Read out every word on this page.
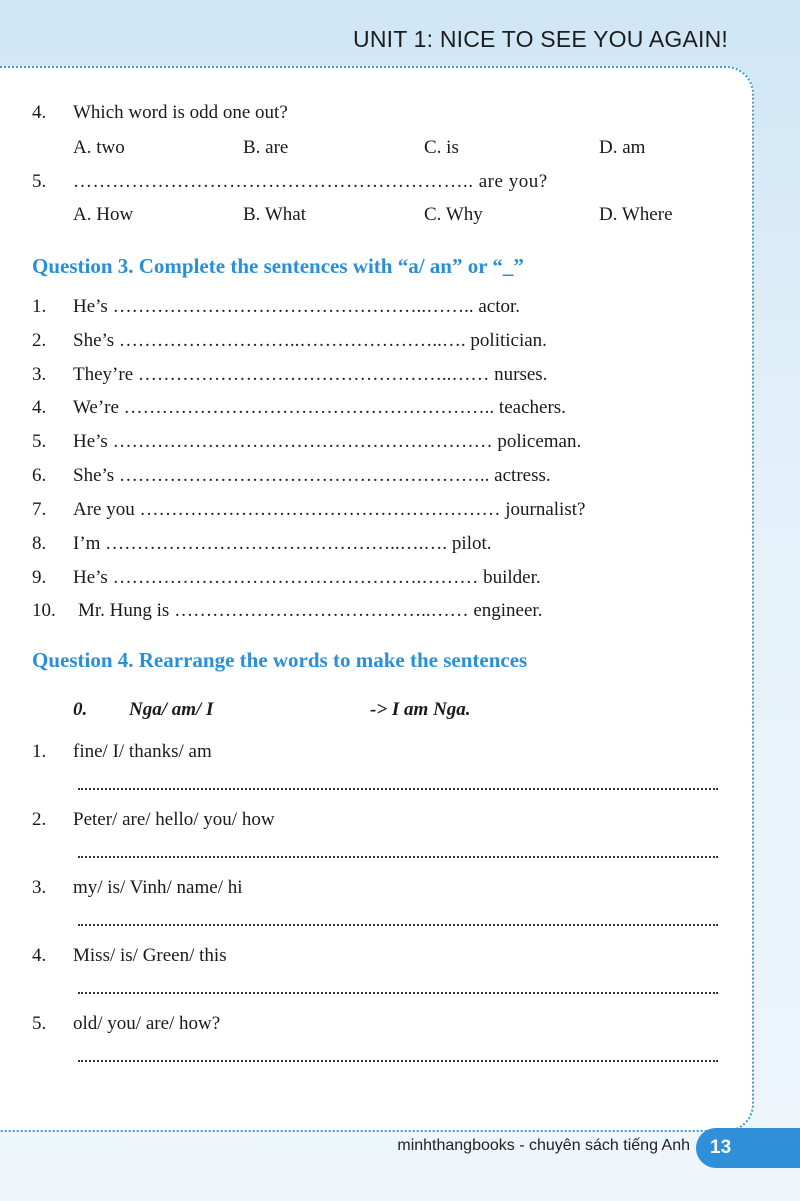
UNIT 1: NICE TO SEE YOU AGAIN!
4. Which word is odd one out?
A. two	B. are	C. is	D. am
5. …………………………………………………….. are you?
A. How	B. What	C. Why	D. Where
Question 3. Complete the sentences with “a/ an” or “_”
1. He’s …………………………………………..…….. actor.
2. She’s ………………………..…………………..…. politician.
3. They’re …………………………………………..…… nurses.
4. We’re ………………………………………………….. teachers.
5. He’s …………………………………………………… policeman.
6. She’s ………………………………………………….. actress.
7. Are you ………………………………………………… journalist?
8. I’m ………………………………………..….…. pilot.
9. He’s ………………………………………….……… builder.
10. Mr. Hung is …………………………………..…… engineer.
Question 4. Rearrange the words to make the sentences
0. Nga/ am/ I	-> I am Nga.
1. fine/ I/ thanks/ am
2. Peter/ are/ hello/ you/ how
3. my/ is/ Vinh/ name/ hi
4. Miss/ is/ Green/ this
5. old/ you/ are/ how?
minhthangbooks - chuyên sách tiếng Anh 13
